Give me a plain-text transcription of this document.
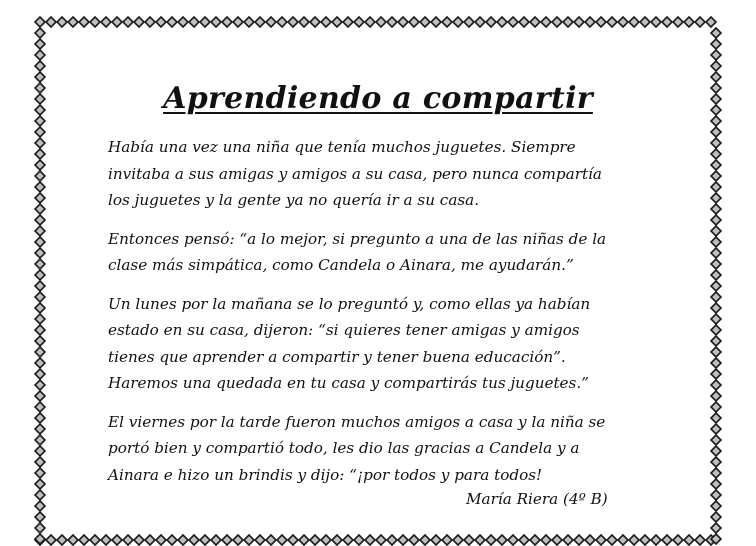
Aprendiendo a compartir

Había una vez una niña que tenía muchos juguetes. Siempre
invitaba a sus amigas y amigos a su casa, pero nunca compartía
los juguetes y la gente ya no quería ir a su casa.

Entonces pensó: “a lo mejor, si pregunto a una de las niñas de la
clase más simpática, como Candela o Ainara, me ayudarán.”

Un lunes por la mañana se lo preguntó y, como ellas ya habían
estado en su casa, dijeron: “si quieres tener amigas y amigos
tienes que aprender a compartir y tener buena educación”.
Haremos una quedada en tu casa y compartirás tus juguetes.”

El viernes por la tarde fueron muchos amigos a casa y la niña se
portó bien y compartió todo, les dio las gracias a Candela y a
Ainara e hizo un brindis y dijo: “¡por todos y para todos!

María Riera (4º B)
